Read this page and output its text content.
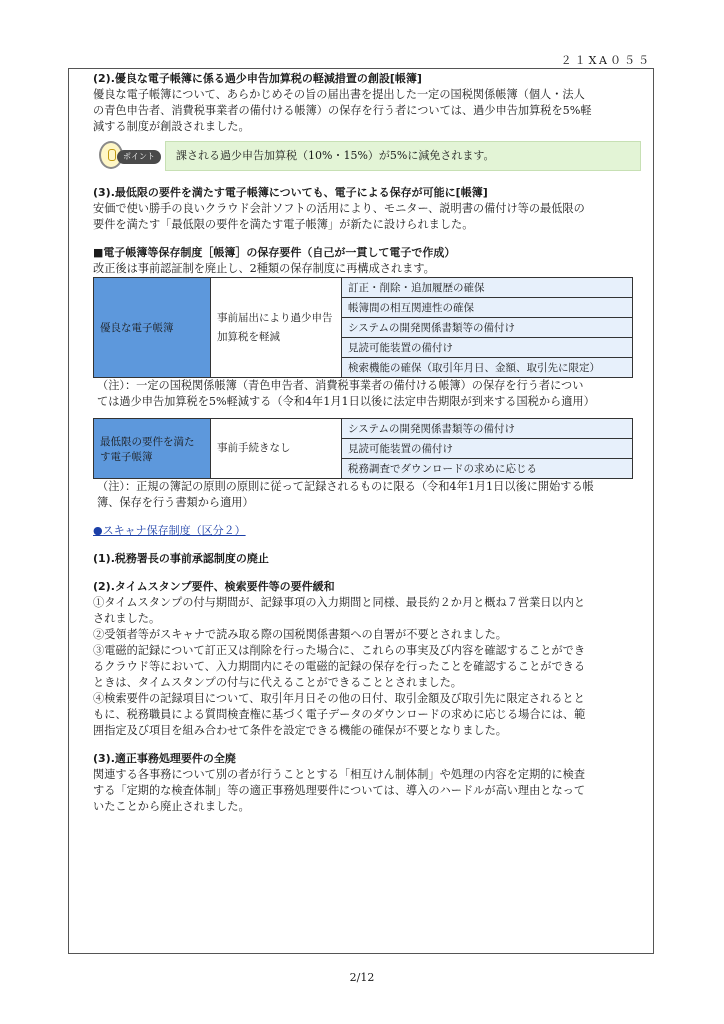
２１XA０５５
(2).優良な電子帳簿に係る過少申告加算税の軽減措置の創設[帳簿]

優良な電子帳簿について、あらかじめその旨の届出書を提出した一定の国税関係帳簿（個人・法人

の青色申告者、消費税事業者の備付ける帳簿）の保存を行う者については、過少申告加算税を5%軽

減する制度が創設されました。

ポイント	課される過少申告加算税（10%・15%）が5%に減免されます。
(3).最低限の要件を満たす電子帳簿についても、電子による保存が可能に[帳簿]

安価で使い勝手の良いクラウド会計ソフトの活用により、モニター、説明書の備付け等の最低限の

要件を満たす「最低限の要件を満たす電子帳簿」が新たに設けられました。

■電子帳簿等保存制度［帳簿］の保存要件（自己が一貫して電子で作成）

改正後は事前認証制を廃止し、2種類の保存制度に再構成されます。

優良な電子帳簿	事前届出により過少申告加算税を軽減	訂正・削除・追加履歴の確保
帳簿間の相互関連性の確保
システムの開発関係書類等の備付け
見読可能装置の備付け
検索機能の確保（取引年月日、金額、取引先に限定）

（注）：一定の国税関係帳簿（青色申告者、消費税事業者の備付ける帳簿）の保存を行う者につい

ては過少申告加算税を5%軽減する（令和4年1月1日以後に法定申告期限が到来する国税から適用）

最低限の要件を満たす電子帳簿	事前手続きなし	システムの開発関係書類等の備付け
見読可能装置の備付け
税務調査でダウンロードの求めに応じる

（注）：正規の簿記の原則の原則に従って記録されるものに限る（令和4年1月1日以後に開始する帳

簿、保存を行う書類から適用）

●スキャナ保存制度（区分２）
(1).税務署長の事前承認制度の廃止
(2).タイムスタンプ要件、検索要件等の要件緩和

①タイムスタンプの付与期間が、記録事項の入力期間と同様、最長約２か月と概ね７営業日以内と

されました。

②受領者等がスキャナで読み取る際の国税関係書類への自署が不要とされました。

③電磁的記録について訂正又は削除を行った場合に、これらの事実及び内容を確認することができ

るクラウド等において、入力期間内にその電磁的記録の保存を行ったことを確認することができる

ときは、タイムスタンプの付与に代えることができることとされました。

④検索要件の記録項目について、取引年月日その他の日付、取引金額及び取引先に限定されるとと

もに、税務職員による質問検査権に基づく電子データのダウンロードの求めに応じる場合には、範

囲指定及び項目を組み合わせて条件を設定できる機能の確保が不要となりました。

(3).適正事務処理要件の全廃

関連する各事務について別の者が行うこととする「相互けん制体制」や処理の内容を定期的に検査

する「定期的な検査体制」等の適正事務処理要件については、導入のハードルが高い理由となって

いたことから廃止されました。

2/12
